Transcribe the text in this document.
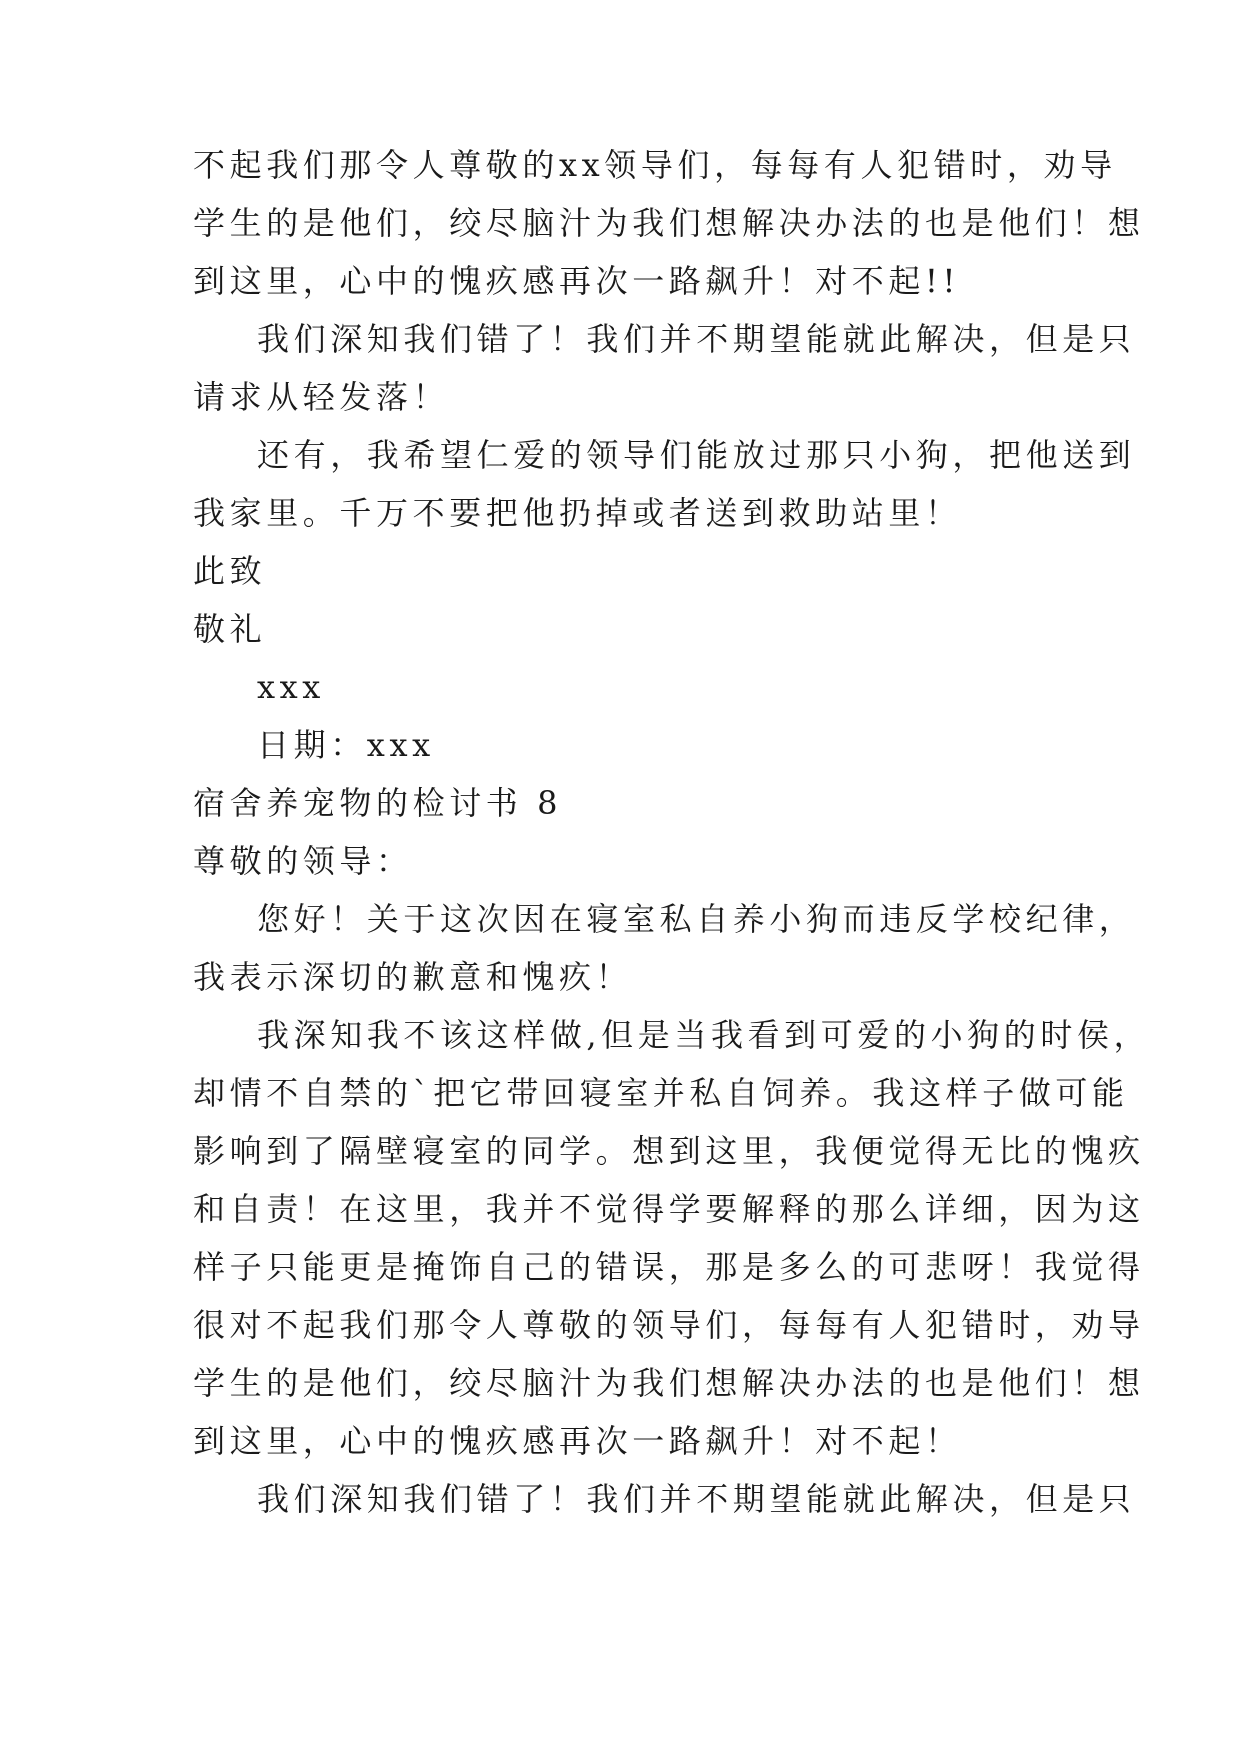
不起我们那令人尊敬的xx领导们，每每有人犯错时，劝导
学生的是他们，绞尽脑汁为我们想解决办法的也是他们！想
到这里，心中的愧疚感再次一路飙升！对不起!!
我们深知我们错了！我们并不期望能就此解决，但是只
请求从轻发落！
还有，我希望仁爱的领导们能放过那只小狗，把他送到
我家里。千万不要把他扔掉或者送到救助站里！
此致
敬礼
xxx
日期：xxx
宿舍养宠物的检讨书 8
尊敬的领导：
您好！关于这次因在寝室私自养小狗而违反学校纪律，
我表示深切的歉意和愧疚！
我深知我不该这样做,但是当我看到可爱的小狗的时侯，
却情不自禁的`把它带回寝室并私自饲养。我这样子做可能
影响到了隔壁寝室的同学。想到这里，我便觉得无比的愧疚
和自责！在这里，我并不觉得学要解释的那么详细，因为这
样子只能更是掩饰自己的错误，那是多么的可悲呀！我觉得
很对不起我们那令人尊敬的领导们，每每有人犯错时，劝导
学生的是他们，绞尽脑汁为我们想解决办法的也是他们！想
到这里，心中的愧疚感再次一路飙升！对不起！
我们深知我们错了！我们并不期望能就此解决，但是只
